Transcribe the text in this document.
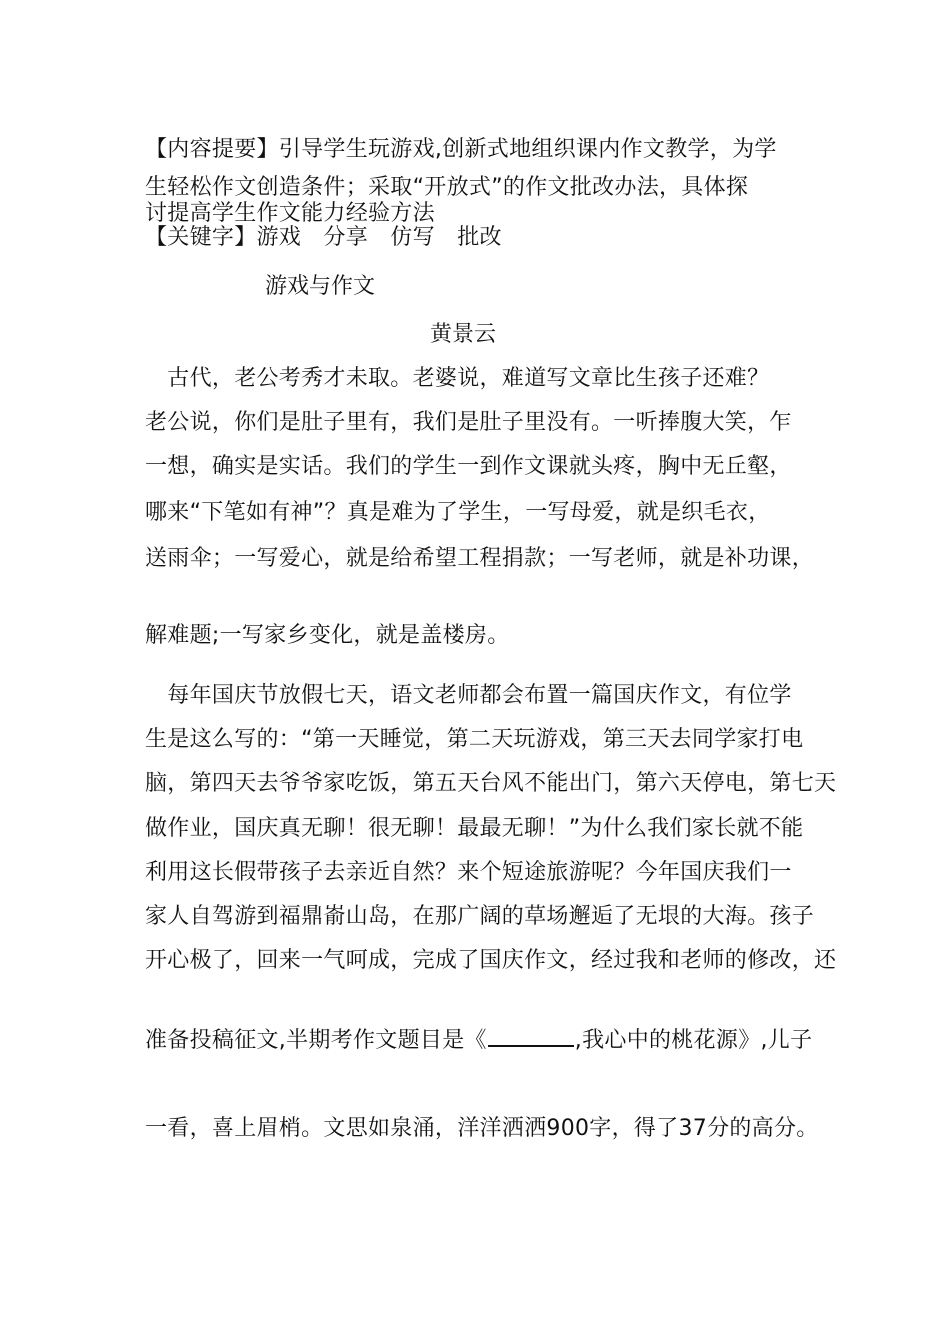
【内容提要】引导学生玩游戏,创新式地组织课内作文教学，为学
生轻松作文创造条件；采取“开放式”的作文批改办法，具体探
讨提高学生作文能力经验方法
【关键字】游戏　分享　仿写　批改
游戏与作文
黄景云
　古代，老公考秀才未取。老婆说，难道写文章比生孩子还难？
老公说，你们是肚子里有，我们是肚子里没有。一听捧腹大笑，乍
一想，确实是实话。我们的学生一到作文课就头疼，胸中无丘壑，
哪来“下笔如有神”？真是难为了学生，一写母爱，就是织毛衣，
送雨伞；一写爱心，就是给希望工程捐款；一写老师，就是补功课，
解难题;一写家乡变化，就是盖楼房。
　每年国庆节放假七天，语文老师都会布置一篇国庆作文，有位学
生是这么写的：“第一天睡觉，第二天玩游戏，第三天去同学家打电
脑，第四天去爷爷家吃饭，第五天台风不能出门，第六天停电，第七天
做作业，国庆真无聊！很无聊！最最无聊！”为什么我们家长就不能
利用这长假带孩子去亲近自然？来个短途旅游呢？今年国庆我们一
家人自驾游到福鼎嵛山岛，在那广阔的草场邂逅了无垠的大海。孩子
开心极了，回来一气呵成，完成了国庆作文，经过我和老师的修改，还
准备投稿征文,半期考作文题目是《	,我心中的桃花源》,儿子
一看，喜上眉梢。文思如泉涌，洋洋洒洒900字，得了37分的高分。
